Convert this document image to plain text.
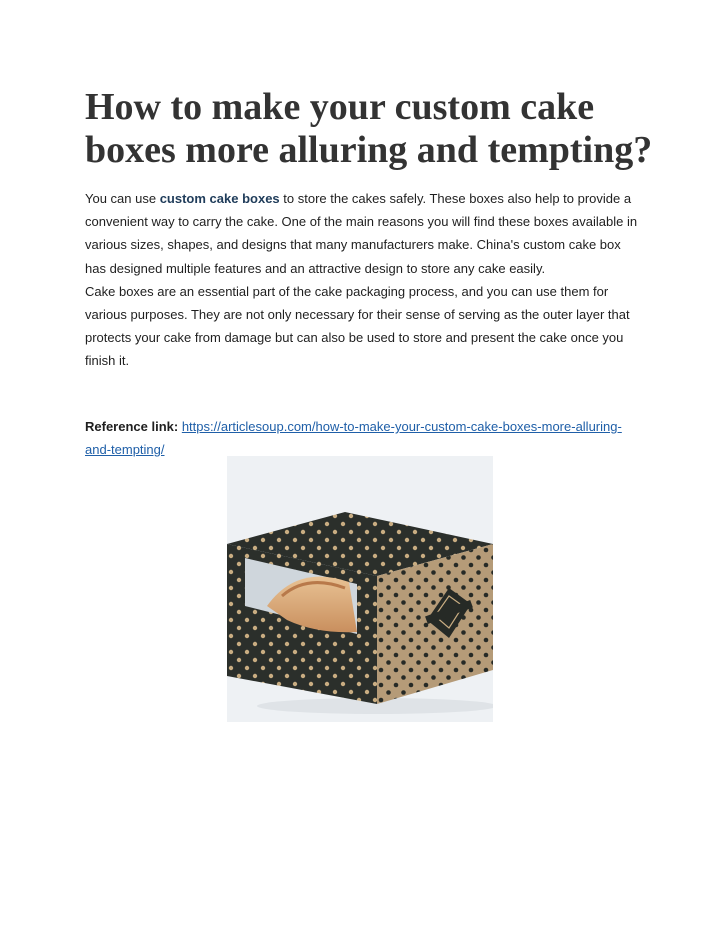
How to make your custom cake boxes more alluring and tempting?

You can use custom cake boxes to store the cakes safely. These boxes also help to provide a convenient way to carry the cake. One of the main reasons you will find these boxes available in various sizes, shapes, and designs that many manufacturers make. China's custom cake box has designed multiple features and an attractive design to store any cake easily.

Cake boxes are an essential part of the cake packaging process, and you can use them for various purposes. They are not only necessary for their sense of serving as the outer layer that protects your cake from damage but can also be used to store and present the cake once you finish it.

Reference link: https://articlesoup.com/how-to-make-your-custom-cake-boxes-more-alluring-and-tempting/
